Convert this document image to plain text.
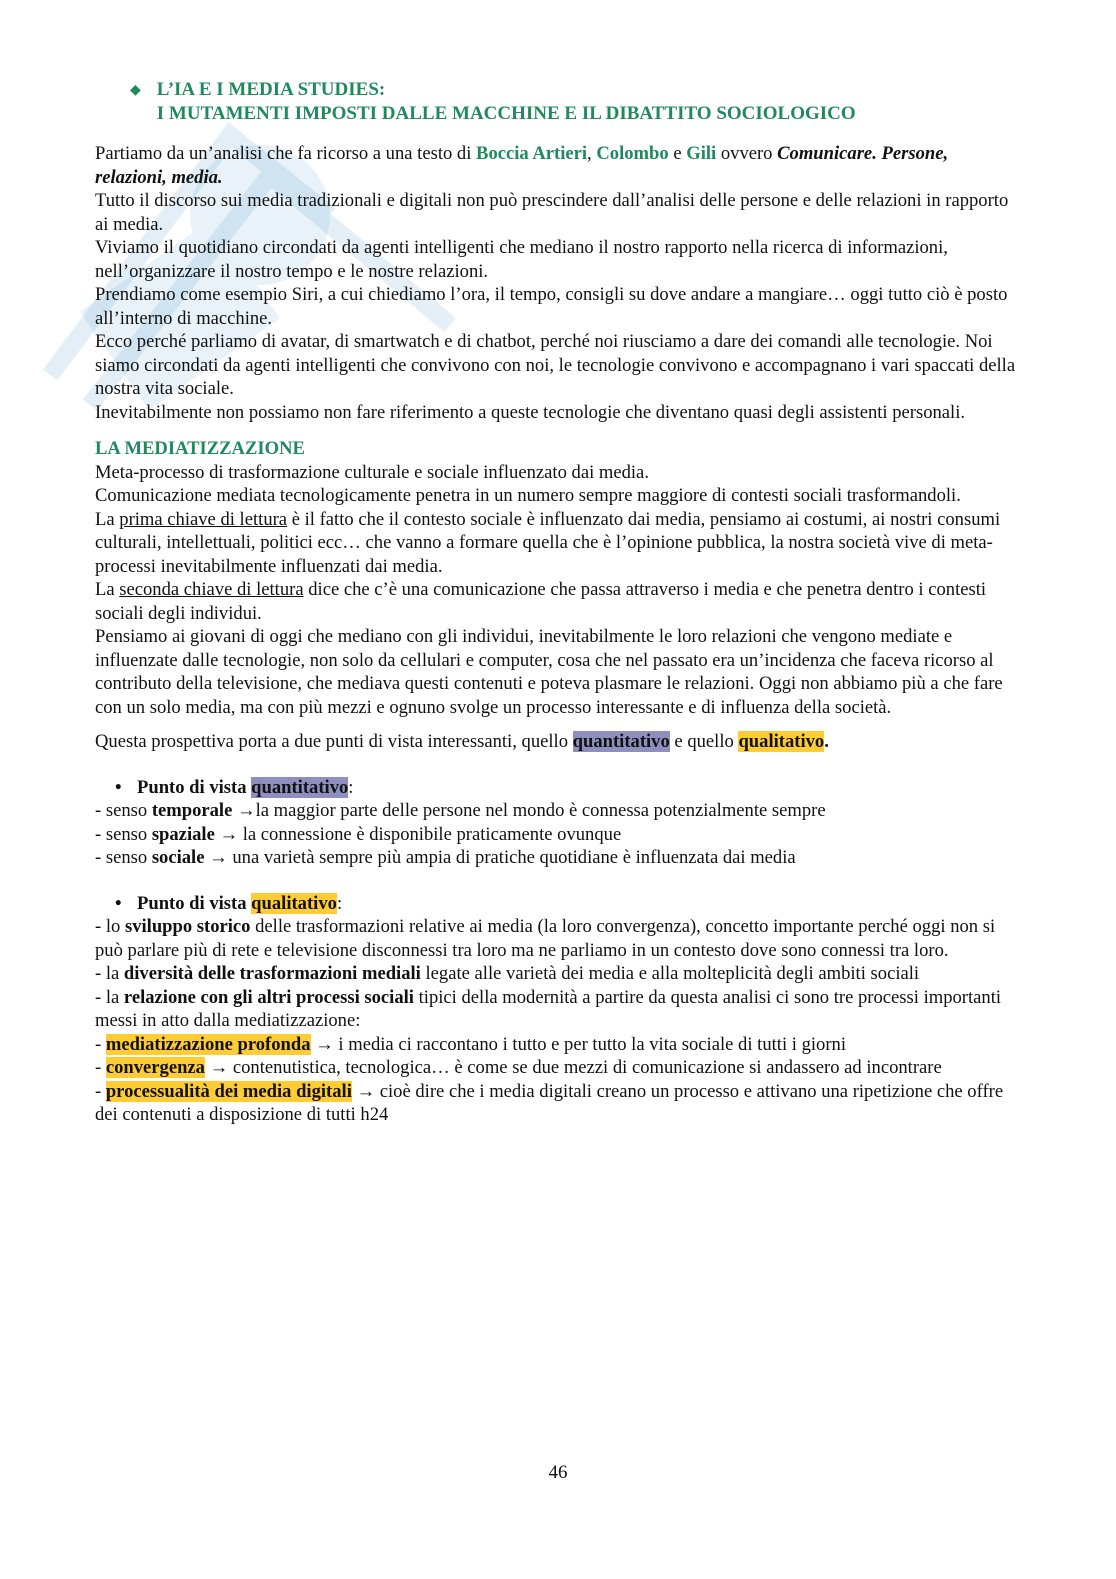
◆ L’IA E I MEDIA STUDIES:
I MUTAMENTI IMPOSTI DALLE MACCHINE E IL DIBATTITO SOCIOLOGICO

Partiamo da un’analisi che fa ricorso a una testo di Boccia Artieri, Colombo e Gili ovvero Comunicare. Persone, relazioni, media.

Tutto il discorso sui media tradizionali e digitali non può prescindere dall’analisi delle persone e delle relazioni in rapporto ai media.

Viviamo il quotidiano circondati da agenti intelligenti che mediano il nostro rapporto nella ricerca di informazioni, nell’organizzare il nostro tempo e le nostre relazioni.

Prendiamo come esempio Siri, a cui chiediamo l’ora, il tempo, consigli su dove andare a mangiare… oggi tutto ciò è posto all’interno di macchine.

Ecco perché parliamo di avatar, di smartwatch e di chatbot, perché noi riusciamo a dare dei comandi alle tecnologie. Noi siamo circondati da agenti intelligenti che convivono con noi, le tecnologie convivono e accompagnano i vari spaccati della nostra vita sociale.

Inevitabilmente non possiamo non fare riferimento a queste tecnologie che diventano quasi degli assistenti personali.

LA MEDIATIZZAZIONE

Meta-processo di trasformazione culturale e sociale influenzato dai media.

Comunicazione mediata tecnologicamente penetra in un numero sempre maggiore di contesti sociali trasformandoli.

La prima chiave di lettura è il fatto che il contesto sociale è influenzato dai media, pensiamo ai costumi, ai nostri consumi culturali, intellettuali, politici ecc… che vanno a formare quella che è l’opinione pubblica, la nostra società vive di meta-processi inevitabilmente influenzati dai media.

La seconda chiave di lettura dice che c’è una comunicazione che passa attraverso i media e che penetra dentro i contesti sociali degli individui.

Pensiamo ai giovani di oggi che mediano con gli individui, inevitabilmente le loro relazioni che vengono mediate e influenzate dalle tecnologie, non solo da cellulari e computer, cosa che nel passato era un’incidenza che faceva ricorso al contributo della televisione, che mediava questi contenuti e poteva plasmare le relazioni. Oggi non abbiamo più a che fare con un solo media, ma con più mezzi e ognuno svolge un processo interessante e di influenza della società.

Questa prospettiva porta a due punti di vista interessanti, quello quantitativo e quello qualitativo.

• Punto di vista quantitativo:

- senso temporale →la maggior parte delle persone nel mondo è connessa potenzialmente sempre

- senso spaziale → la connessione è disponibile praticamente ovunque

- senso sociale → una varietà sempre più ampia di pratiche quotidiane è influenzata dai media

• Punto di vista qualitativo:

- lo sviluppo storico delle trasformazioni relative ai media (la loro convergenza), concetto importante perché oggi non si può parlare più di rete e televisione disconnessi tra loro ma ne parliamo in un contesto dove sono connessi tra loro.

- la diversità delle trasformazioni mediali legate alle varietà dei media e alla molteplicità degli ambiti sociali

- la relazione con gli altri processi sociali tipici della modernità a partire da questa analisi ci sono tre processi importanti messi in atto dalla mediatizzazione:

- mediatizzazione profonda → i media ci raccontano i tutto e per tutto la vita sociale di tutti i giorni

- convergenza → contenutistica, tecnologica… è come se due mezzi di comunicazione si andassero ad incontrare

- processualità dei media digitali → cioè dire che i media digitali creano un processo e attivano una ripetizione che offre dei contenuti a disposizione di tutti h24

46
